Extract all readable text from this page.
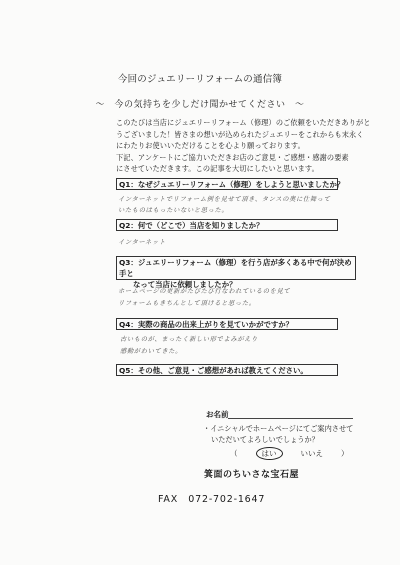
今回のジュエリーリフォームの通信簿
～　今の気持ちを少しだけ聞かせてください　～
このたびは当店にジュエリーリフォーム（修理）のご依頼をいただきありがと
うございました！皆さまの想いが込められたジュエリーをこれからも末永く
にわたりお使いいただけることを心より願っております。
下記、アンケートにご協力いただきお店のご意見・ご感想・感謝の要素
にさせていただきます。この記事を大切にしたいと思います。
Q1：なぜジュエリーリフォーム（修理）をしようと思いましたか？
インターネットでリフォーム例を見せて頂き、タンスの奥に仕舞って
いたものはもったいないと思った。
Q2：何で（どこで）当店を知りましたか？
インターネット
Q3：ジュエリーリフォーム（修理）を行う店が多くある中で何が決め手と
なって当店に依頼しましたか？
ホームページの更新がたびたび行なわれているのを見て
リフォームもきちんとして頂けると思った。
Q4：実際の商品の出来上がりを見ていかがですか？
古いものが、まったく新しい形でよみがえり
感動がわいてきた。
Q5：その他、ご意見・ご感想があれば教えてください。
お名前
・イニシャルでホームページにてご案内させて
いただいてよろしいでしょうか？
（	はい	いいえ ）
箕面のちいさな宝石屋
FAX　072-702-1647
